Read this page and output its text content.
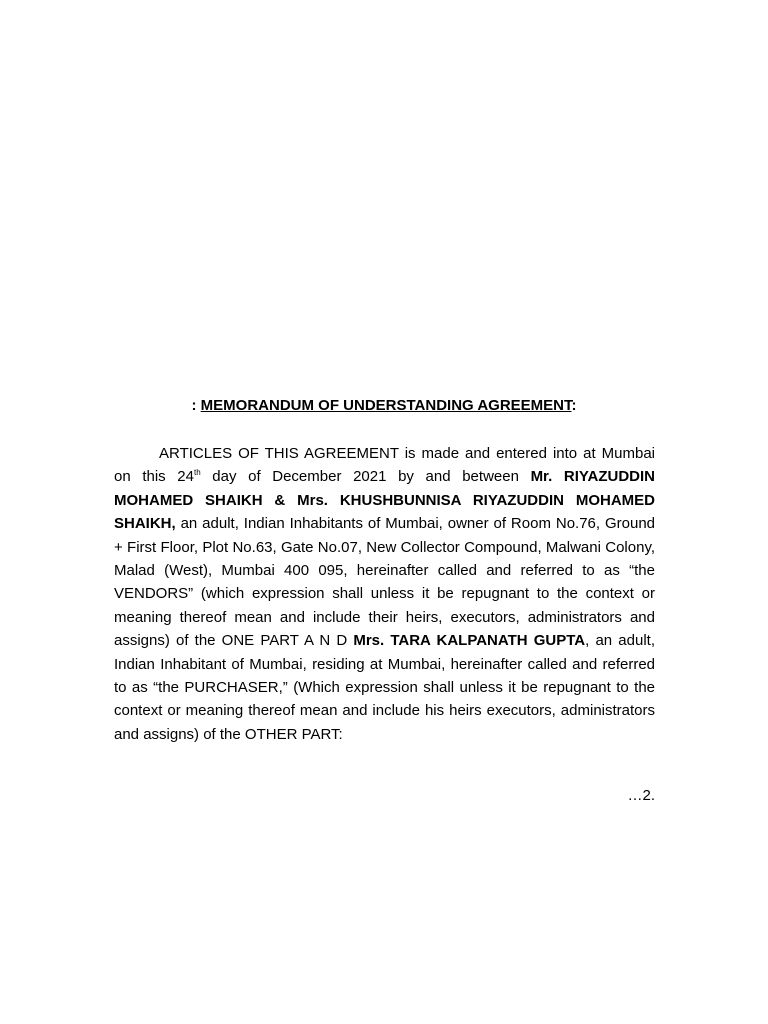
: MEMORANDUM OF UNDERSTANDING AGREEMENT:

ARTICLES OF THIS AGREEMENT is made and entered into at Mumbai on this 24th day of December 2021 by and between Mr. RIYAZUDDIN MOHAMED SHAIKH & Mrs. KHUSHBUNNISA RIYAZUDDIN MOHAMED SHAIKH, an adult, Indian Inhabitants of Mumbai, owner of Room No.76, Ground + First Floor, Plot No.63, Gate No.07, New Collector Compound, Malwani Colony, Malad (West), Mumbai 400 095, hereinafter called and referred to as “the VENDORS” (which expression shall unless it be repugnant to the context or meaning thereof mean and include their heirs, executors, administrators and assigns) of the ONE PART A N D Mrs. TARA KALPANATH GUPTA, an adult, Indian Inhabitant of Mumbai, residing at Mumbai, hereinafter called and referred to as “the PURCHASER,” (Which expression shall unless it be repugnant to the context or meaning thereof mean and include his heirs executors, administrators and assigns) of the OTHER PART:

…2.
